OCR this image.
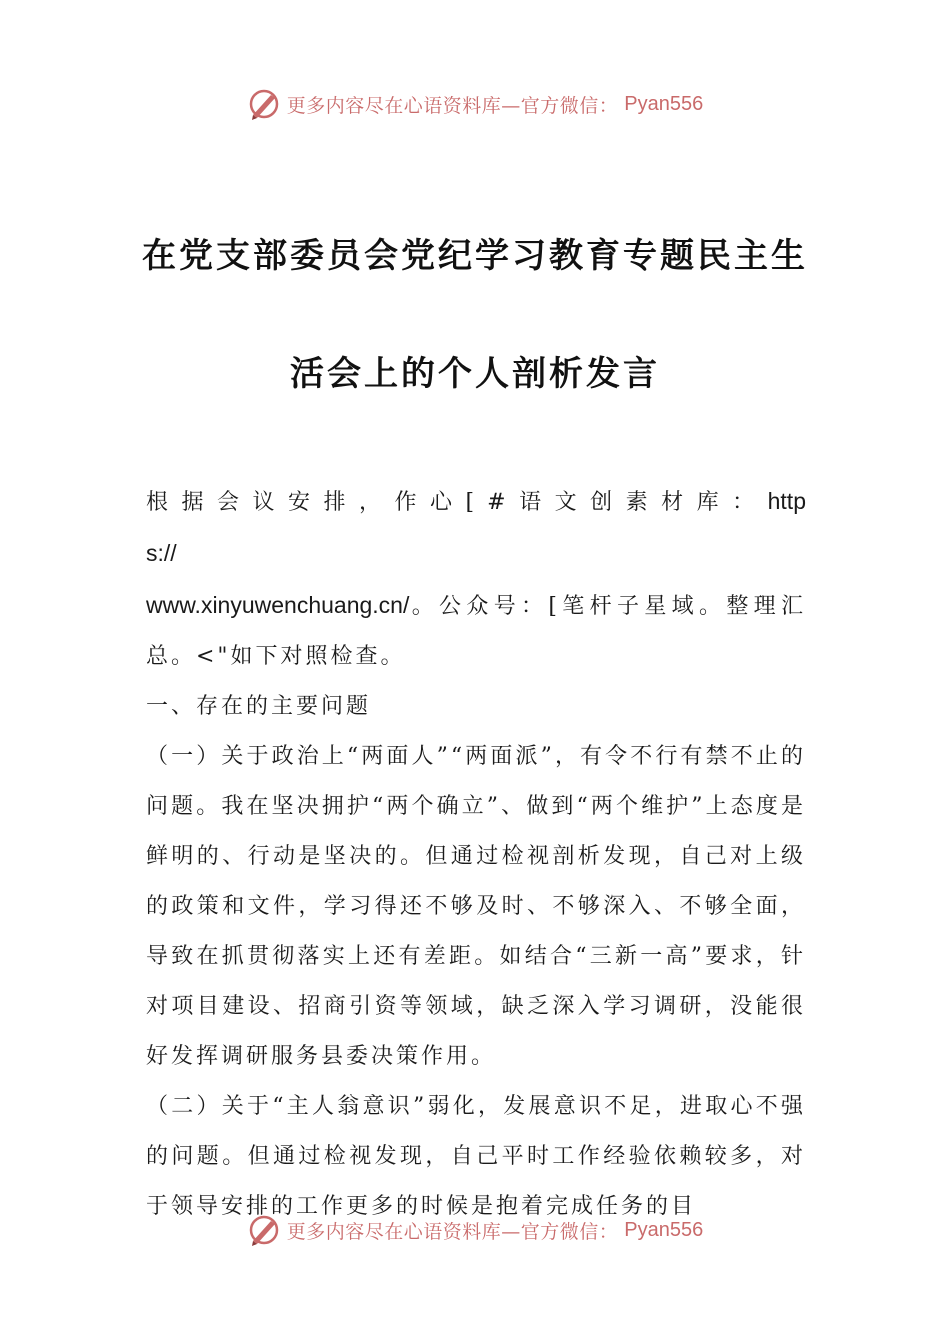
更多内容尽在心语资料库—官方微信： Pyan556
在党支部委员会党纪学习教育专题民主生
活会上的个人剖析发言

根据会议安排，作心[#语文创素材库：https://
www.xinyuwenchuang.cn/。公众号：[笔杆子星域。整理汇总。<"如下对照检查。

一、存在的主要问题

（一）关于政治上“两面人”“两面派”，有令不行有禁不止的问题。我在坚决拥护“两个确立”、做到“两个维护”上态度是鲜明的、行动是坚决的。但通过检视剖析发现，自己对上级的政策和文件，学习得还不够及时、不够深入、不够全面，导致在抓贯彻落实上还有差距。如结合“三新一高”要求，针对项目建设、招商引资等领域，缺乏深入学习调研，没能很好发挥调研服务县委决策作用。

（二）关于“主人翁意识”弱化，发展意识不足，进取心不强的问题。但通过检视发现，自己平时工作经验依赖较多，对于领导安排的工作更多的时候是抱着完成任务的目

更多内容尽在心语资料库—官方微信： Pyan556
